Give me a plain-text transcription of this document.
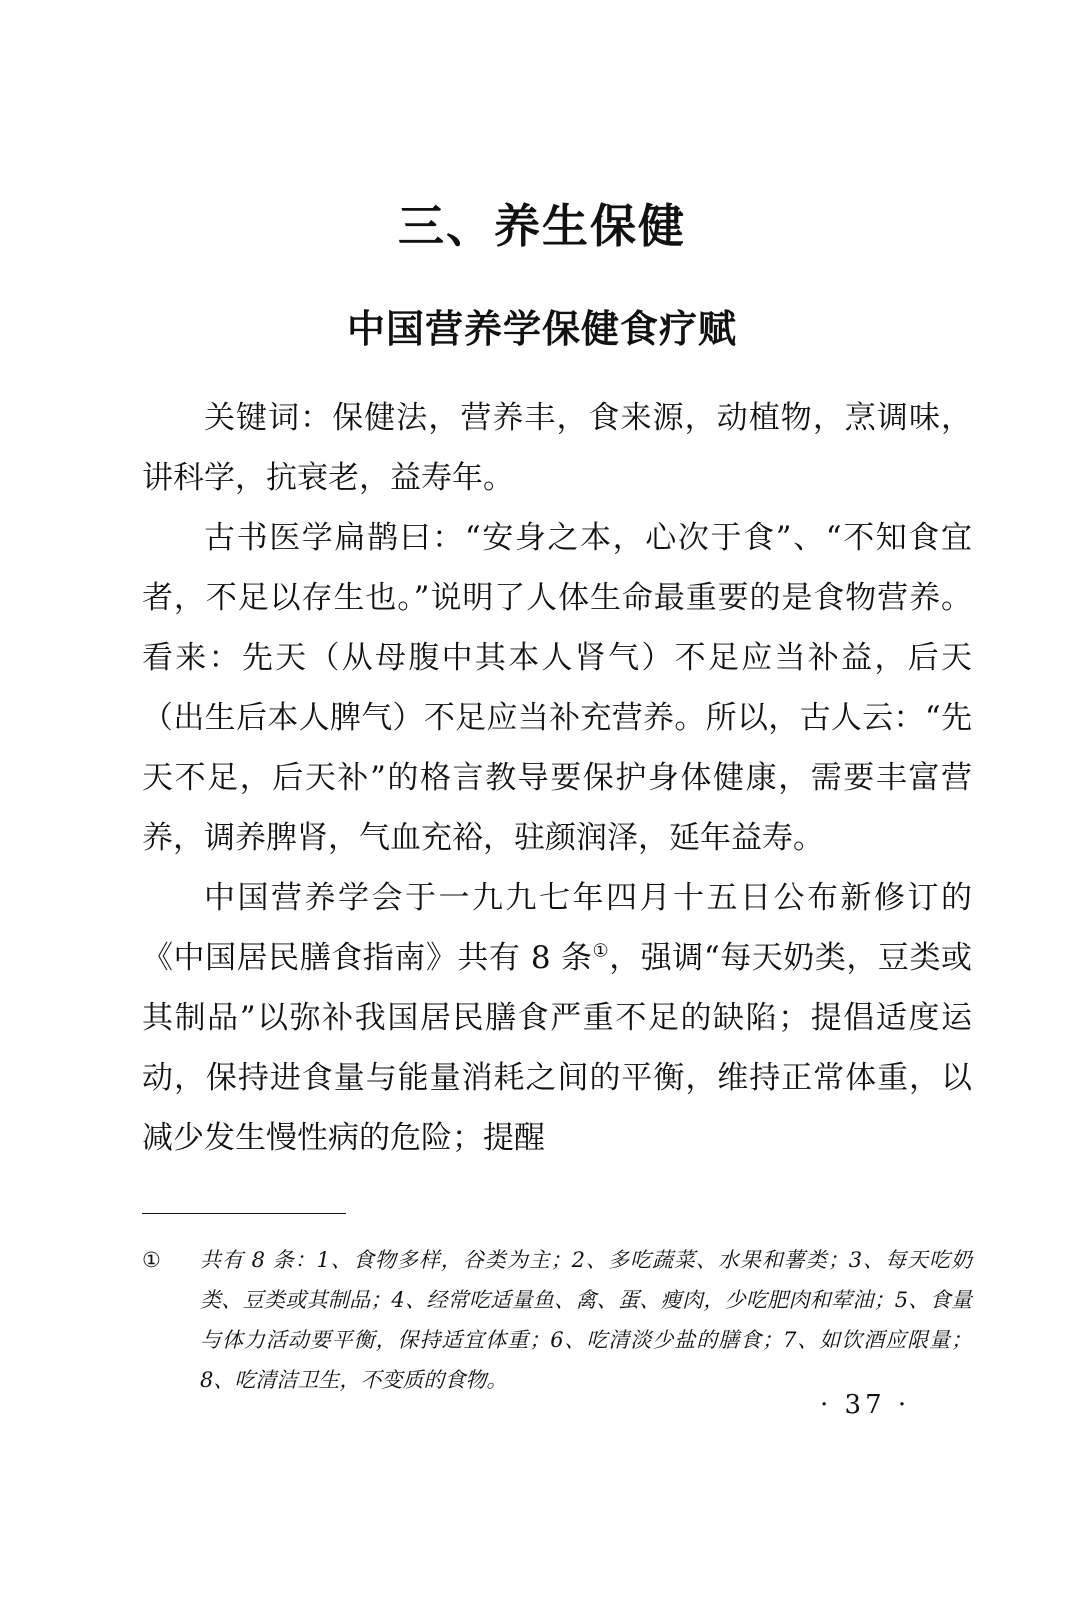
三、养生保健
中国营养学保健食疗赋

关键词：保健法，营养丰，食来源，动植物，烹调味，讲科学，抗衰老，益寿年。

古书医学扁鹊曰：“安身之本，心次于食”、“不知食宜者，不足以存生也。”说明了人体生命最重要的是食物营养。看来：先天（从母腹中其本人肾气）不足应当补益，后天（出生后本人脾气）不足应当补充营养。所以，古人云：“先天不足，后天补”的格言教导要保护身体健康，需要丰富营养，调养脾肾，气血充裕，驻颜润泽，延年益寿。

中国营养学会于一九九七年四月十五日公布新修订的《中国居民膳食指南》共有 8 条①，强调“每天奶类，豆类或其制品”以弥补我国居民膳食严重不足的缺陷；提倡适度运动，保持进食量与能量消耗之间的平衡，维持正常体重，以减少发生慢性病的危险；提醒

① 共有 8 条：1、食物多样，谷类为主；2、多吃蔬菜、水果和薯类；3、每天吃奶类、豆类或其制品；4、经常吃适量鱼、禽、蛋、瘦肉，少吃肥肉和荤油；5、食量与体力活动要平衡，保持适宜体重；6、吃清淡少盐的膳食；7、如饮酒应限量；8、吃清洁卫生，不变质的食物。
· 37 ·
